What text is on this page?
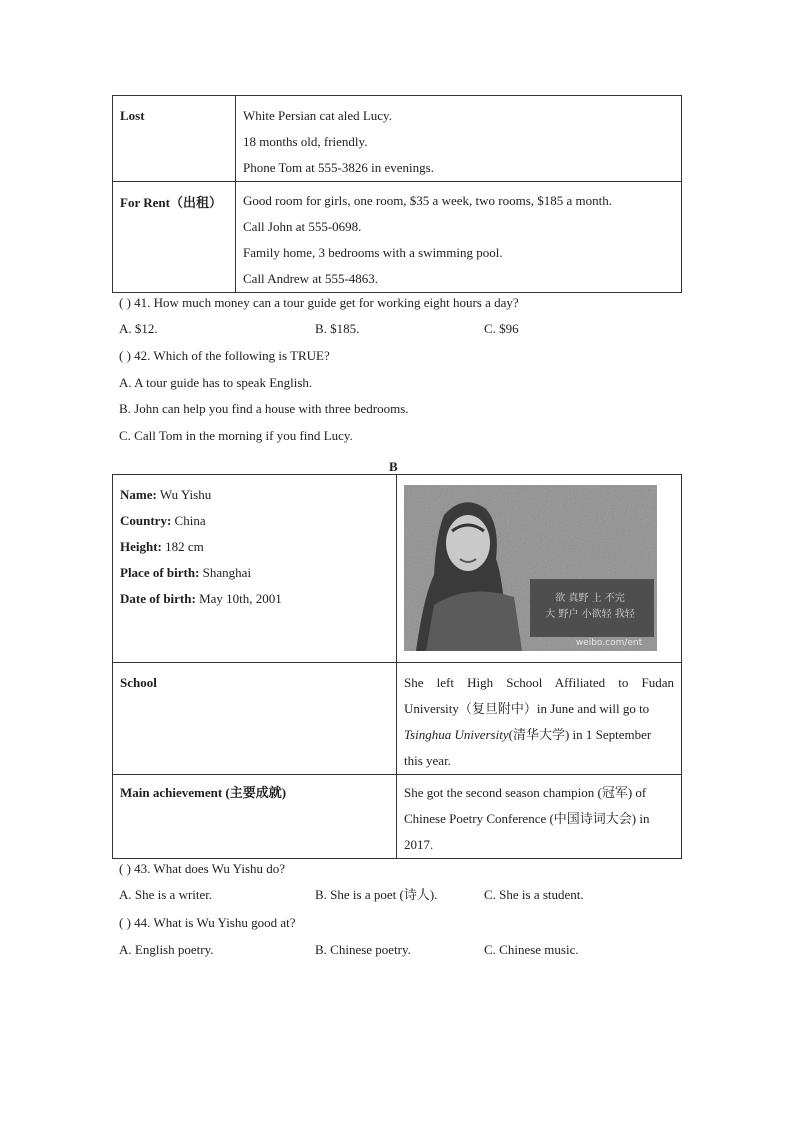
Lost	White Persian cat aled Lucy.
18 months old, friendly.
Phone Tom at 555-3826 in evenings.

For Rent（出租）	Good room for girls, one room, $35 a week, two rooms, $185 a month.
Call John at 555-0698.
Family home, 3 bedrooms with a swimming pool.
Call Andrew at 555-4863.
( ) 41. How much money can a tour guide get for working eight hours a day?
A. $12.	B. $185.	C. $96
( ) 42. Which of the following is TRUE?
A. A tour guide has to speak English.
B. John can help you find a house with three bedrooms.
C. Call Tom in the morning if you find Lucy.
B
Name: Wu Yishu
Country: China
Height: 182 cm
Place of birth: Shanghai
Date of birth: May 10th, 2001	

School	She left High School Affiliated to Fudan
University（复旦附中）in June and will go to
Tsinghua University(清华大学) in 1 September
this year.

Main achievement (主要成就)	She got the second season champion (冠军) of
Chinese Poetry Conference (中国诗词大会) in
2017.
欲 真野 上 不完
大 野户 小欲轻 我轻
weibo.com/ent
( ) 43. What does Wu Yishu do?
A. She is a writer.	B. She is a poet (诗人).	C. She is a student.
( ) 44. What is Wu Yishu good at?
A. English poetry.	B. Chinese poetry.	C. Chinese music.
